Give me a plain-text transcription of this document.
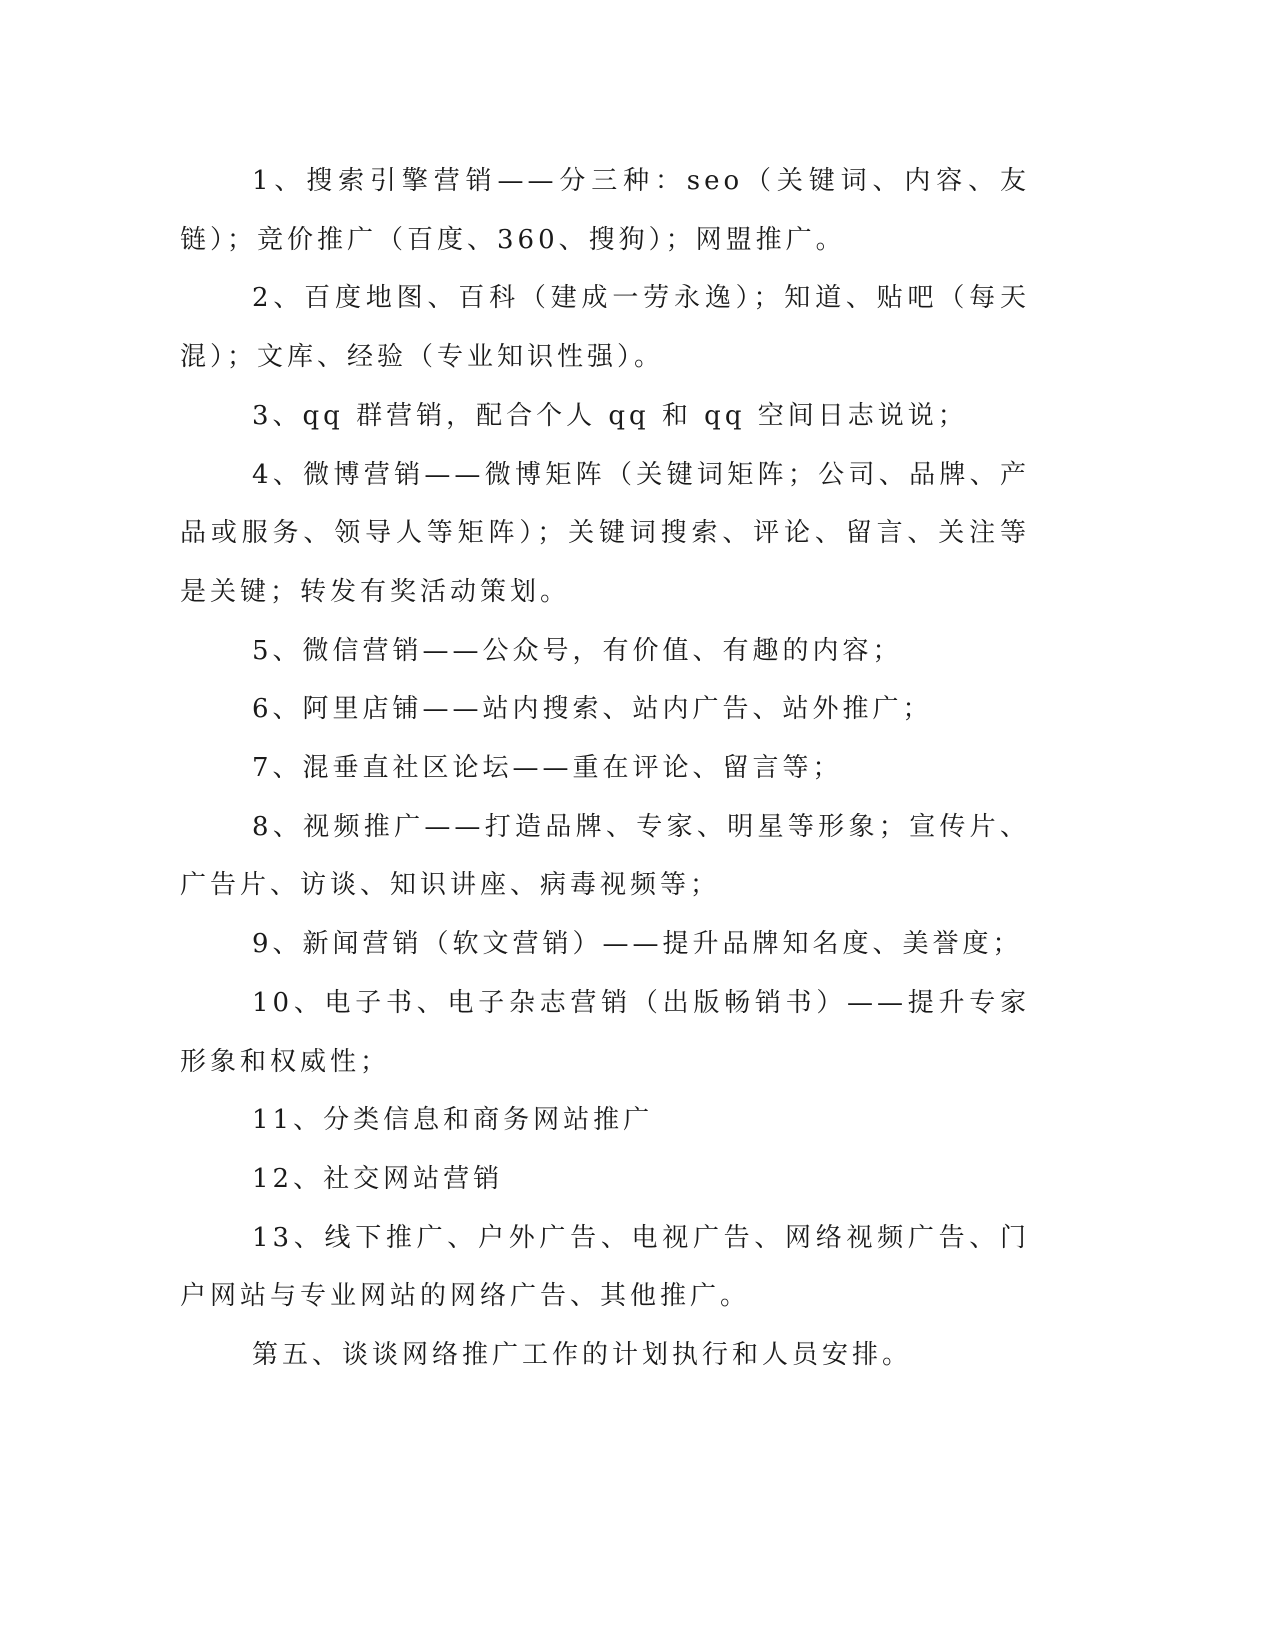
1、搜索引擎营销——分三种：seo（关键词、内容、友链）；竞价推广（百度、360、搜狗）；网盟推广。

2、百度地图、百科（建成一劳永逸）；知道、贴吧（每天混）；文库、经验（专业知识性强）。

3、qq 群营销，配合个人 qq 和 qq 空间日志说说；

4、微博营销——微博矩阵（关键词矩阵；公司、品牌、产品或服务、领导人等矩阵）；关键词搜索、评论、留言、关注等是关键；转发有奖活动策划。

5、微信营销——公众号，有价值、有趣的内容；

6、阿里店铺——站内搜索、站内广告、站外推广；

7、混垂直社区论坛——重在评论、留言等；

8、视频推广——打造品牌、专家、明星等形象；宣传片、广告片、访谈、知识讲座、病毒视频等；

9、新闻营销（软文营销）——提升品牌知名度、美誉度；

10、电子书、电子杂志营销（出版畅销书）——提升专家形象和权威性；

11、分类信息和商务网站推广

12、社交网站营销

13、线下推广、户外广告、电视广告、网络视频广告、门户网站与专业网站的网络广告、其他推广。

第五、谈谈网络推广工作的计划执行和人员安排。
